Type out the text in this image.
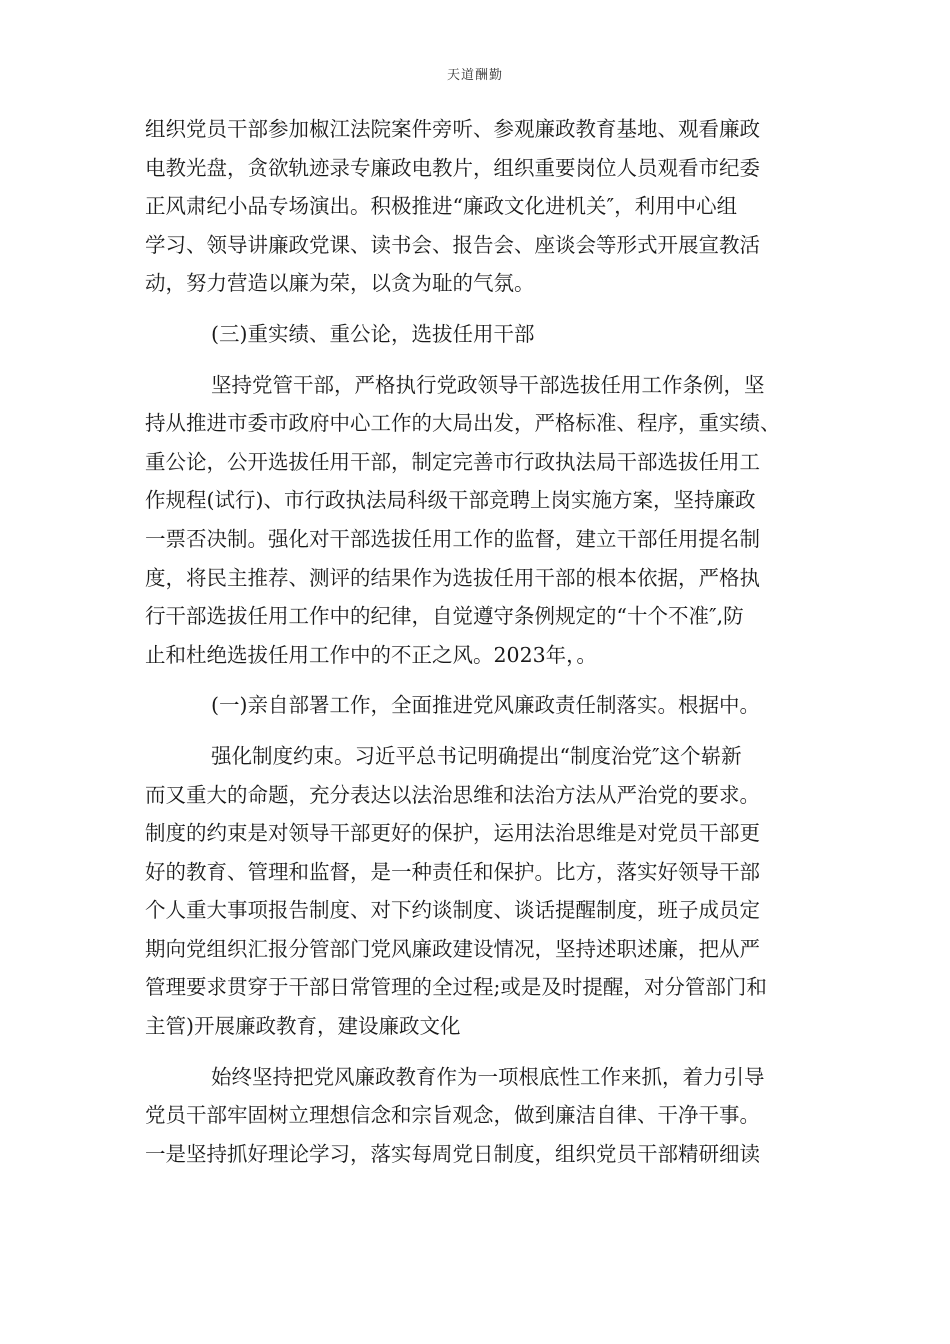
天道酬勤
组织党员干部参加椒江法院案件旁听、参观廉政教育基地、观看廉政
电教光盘，贪欲轨迹录专廉政电教片，组织重要岗位人员观看市纪委
正风肃纪小品专场演出。积极推进“廉政文化进机关″，利用中心组
学习、领导讲廉政党课、读书会、报告会、座谈会等形式开展宣教活
动，努力营造以廉为荣，以贪为耻的气氛。
(三)重实绩、重公论，选拔任用干部
坚持党管干部，严格执行党政领导干部选拔任用工作条例，坚
持从推进市委市政府中心工作的大局出发，严格标准、程序，重实绩、
重公论，公开选拔任用干部，制定完善市行政执法局干部选拔任用工
作规程(试行)、市行政执法局科级干部竞聘上岗实施方案，坚持廉政
一票否决制。强化对干部选拔任用工作的监督，建立干部任用提名制
度，将民主推荐、测评的结果作为选拔任用干部的根本依据，严格执
行干部选拔任用工作中的纪律，自觉遵守条例规定的“十个不准″,防
止和杜绝选拔任用工作中的不正之风。2023年，。
(一)亲自部署工作，全面推进党风廉政责任制落实。根据中。
强化制度约束。习近平总书记明确提出“制度治党″这个崭新
而又重大的命题，充分表达以法治思维和法治方法从严治党的要求。
制度的约束是对领导干部更好的保护，运用法治思维是对党员干部更
好的教育、管理和监督，是一种责任和保护。比方，落实好领导干部
个人重大事项报告制度、对下约谈制度、谈话提醒制度，班子成员定
期向党组织汇报分管部门党风廉政建设情况，坚持述职述廉，把从严
管理要求贯穿于干部日常管理的全过程;或是及时提醒，对分管部门和
主管)开展廉政教育，建设廉政文化
始终坚持把党风廉政教育作为一项根底性工作来抓，着力引导
党员干部牢固树立理想信念和宗旨观念，做到廉洁自律、干净干事。
一是坚持抓好理论学习，落实每周党日制度，组织党员干部精研细读
